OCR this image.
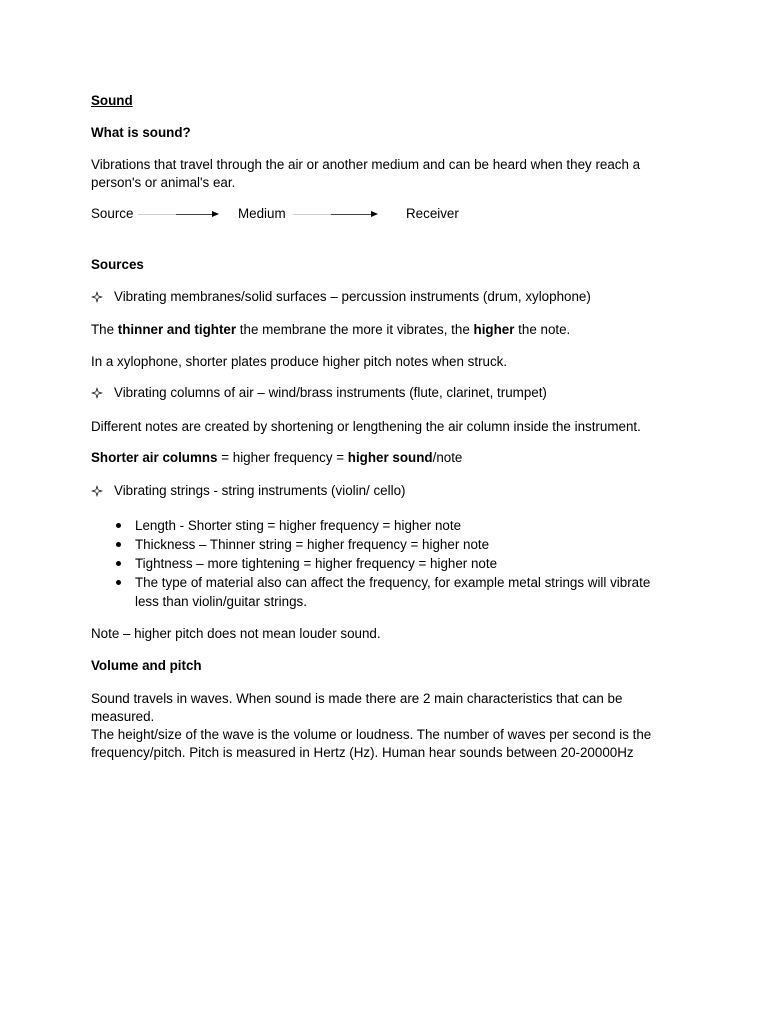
Sound
What is sound?
Vibrations that travel through the air or another medium and can be heard when they reach a person's or animal's ear.
Source	Medium	Receiver
Sources
Vibrating membranes/solid surfaces – percussion instruments (drum, xylophone)
The thinner and tighter the membrane the more it vibrates, the higher the note.
In a xylophone, shorter plates produce higher pitch notes when struck.
Vibrating columns of air – wind/brass instruments (flute, clarinet, trumpet)
Different notes are created by shortening or lengthening the air column inside the instrument.
Shorter air columns = higher frequency = higher sound/note
Vibrating strings - string instruments (violin/ cello)
Length - Shorter sting = higher frequency = higher note
Thickness – Thinner string = higher frequency = higher note
Tightness – more tightening = higher frequency = higher note
The type of material also can affect the frequency, for example metal strings will vibrate less than violin/guitar strings.
Note – higher pitch does not mean louder sound.
Volume and pitch
Sound travels in waves. When sound is made there are 2 main characteristics that can be measured.
The height/size of the wave is the volume or loudness. The number of waves per second is the frequency/pitch. Pitch is measured in Hertz (Hz). Human hear sounds between 20-20000Hz
